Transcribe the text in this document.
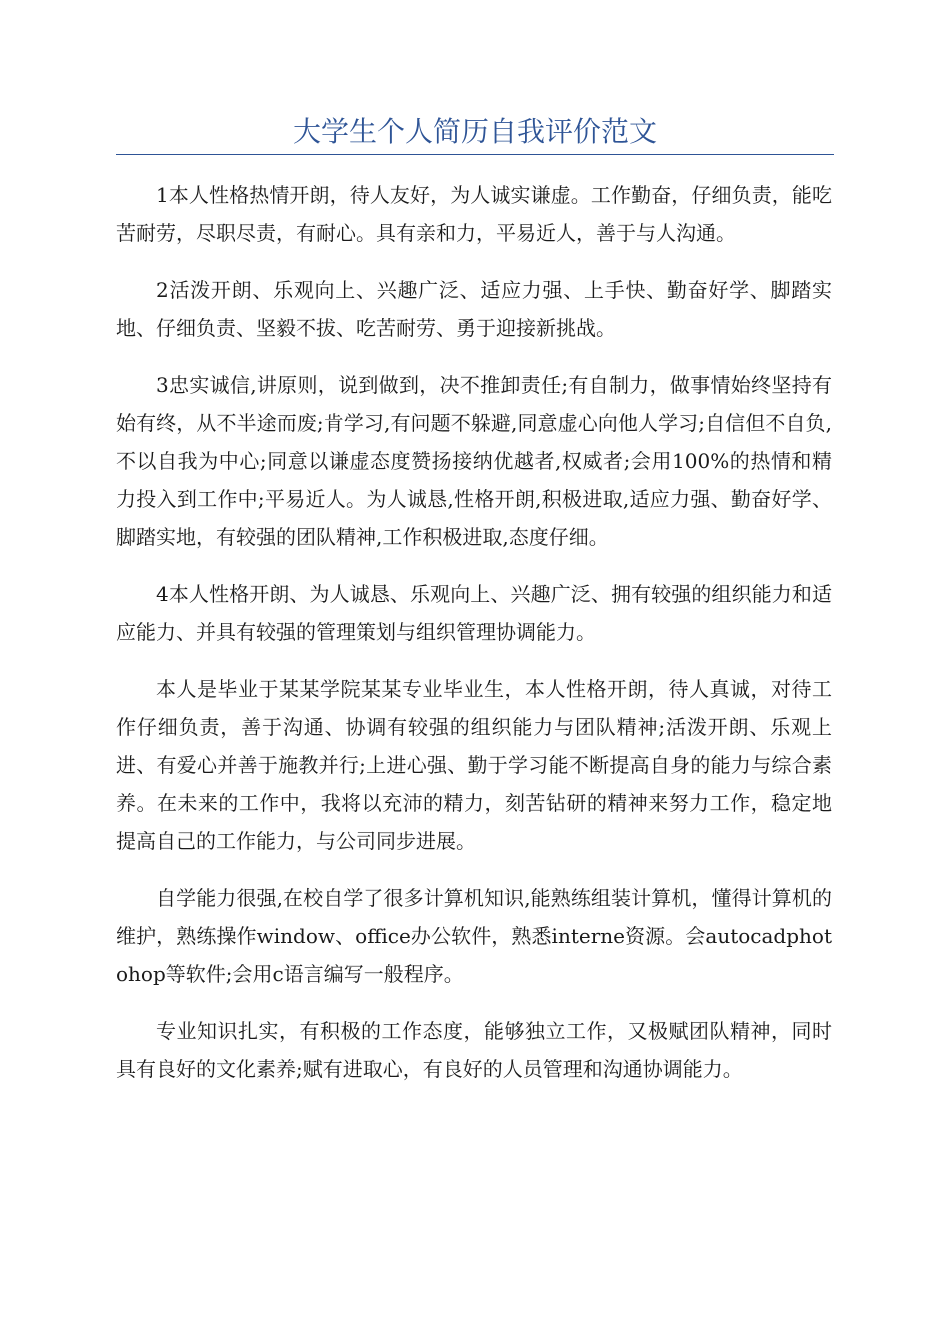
大学生个人简历自我评价范文

1本人性格热情开朗，待人友好，为人诚实谦虚。工作勤奋，仔细负责，能吃苦耐劳，尽职尽责，有耐心。具有亲和力，平易近人，善于与人沟通。

2活泼开朗、乐观向上、兴趣广泛、适应力强、上手快、勤奋好学、脚踏实地、仔细负责、坚毅不拔、吃苦耐劳、勇于迎接新挑战。

3忠实诚信,讲原则，说到做到，决不推卸责任;有自制力，做事情始终坚持有始有终，从不半途而废;肯学习,有问题不躲避,同意虚心向他人学习;自信但不自负,不以自我为中心;同意以谦虚态度赞扬接纳优越者,权威者;会用100%的热情和精力投入到工作中;平易近人。为人诚恳,性格开朗,积极进取,适应力强、勤奋好学、脚踏实地，有较强的团队精神,工作积极进取,态度仔细。

4本人性格开朗、为人诚恳、乐观向上、兴趣广泛、拥有较强的组织能力和适应能力、并具有较强的管理策划与组织管理协调能力。

本人是毕业于某某学院某某专业毕业生，本人性格开朗，待人真诚，对待工作仔细负责，善于沟通、协调有较强的组织能力与团队精神;活泼开朗、乐观上进、有爱心并善于施教并行;上进心强、勤于学习能不断提高自身的能力与综合素养。在未来的工作中，我将以充沛的精力，刻苦钻研的精神来努力工作，稳定地提高自己的工作能力，与公司同步进展。

自学能力很强,在校自学了很多计算机知识,能熟练组装计算机，懂得计算机的维护，熟练操作window、office办公软件，熟悉interne资源。会autocadphotohop等软件;会用c语言编写一般程序。

专业知识扎实，有积极的工作态度，能够独立工作，又极赋团队精神，同时具有良好的文化素养;赋有进取心，有良好的人员管理和沟通协调能力。
